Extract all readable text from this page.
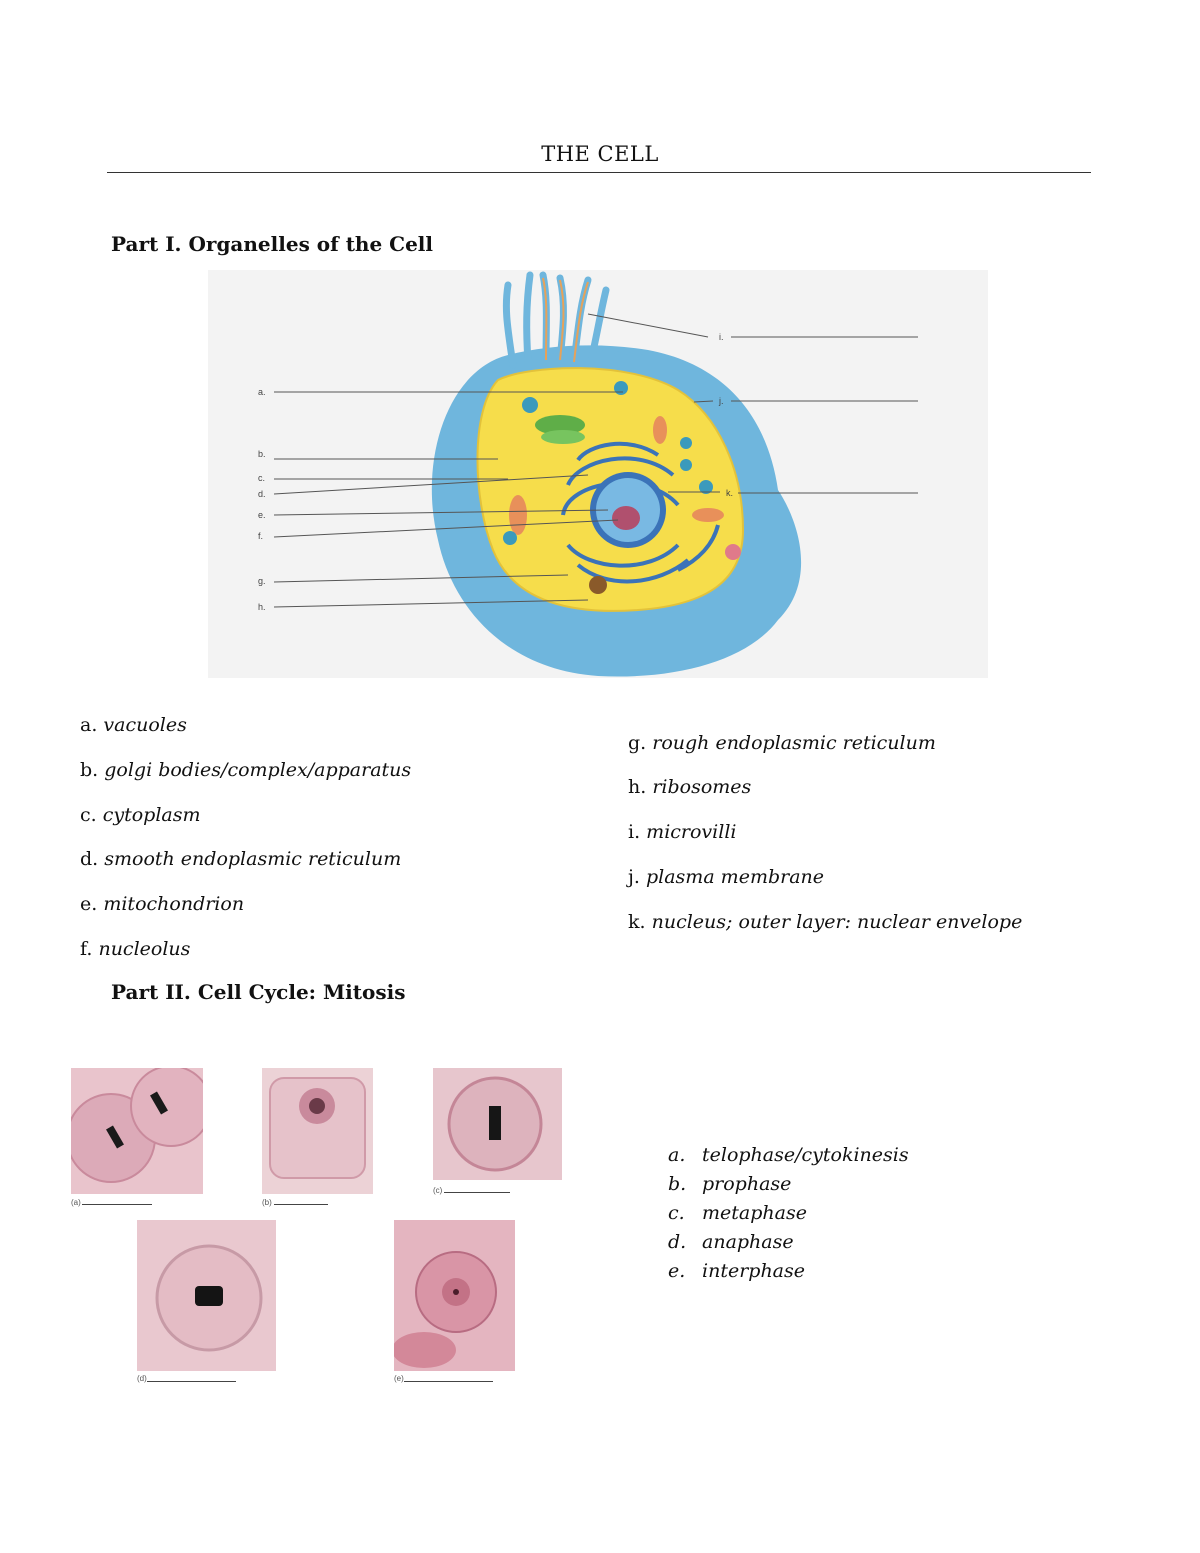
THE CELL
Part I. Organelles of the Cell
a.
b.
c.
d.
e.
f.
g.
h.
i.
j.
k.
a. vacuoles
b. golgi bodies/complex/apparatus
c. cytoplasm
d. smooth endoplasmic reticulum
e. mitochondrion
f. nucleolus
g. rough endoplasmic reticulum
h. ribosomes
i. microvilli
j. plasma membrane
k. nucleus; outer layer: nuclear envelope
Part II. Cell Cycle: Mitosis
(a)	(b)
(c)
(d)	(e)
a. telophase/cytokinesis
b. prophase
c. metaphase
d. anaphase
e. interphase
